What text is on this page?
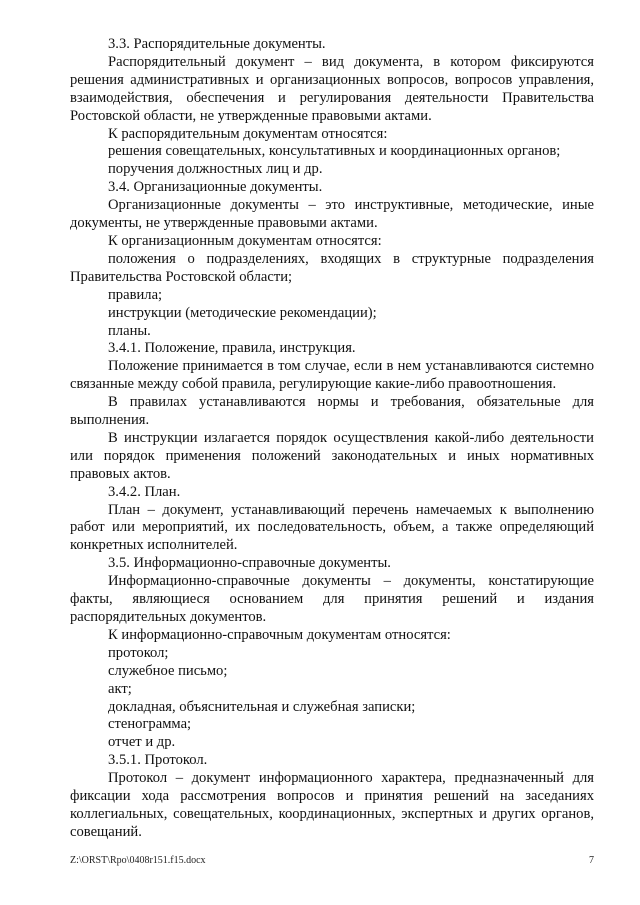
3.3. Распорядительные документы.

Распорядительный документ – вид документа, в котором фиксируются решения административных и организационных вопросов, вопросов управления, взаимодействия, обеспечения и регулирования деятельности Правительства Ростовской области, не утвержденные правовыми актами.

К распорядительным документам относятся:

решения совещательных, консультативных и координационных органов;

поручения должностных лиц и др.

3.4. Организационные документы.

Организационные документы – это инструктивные, методические, иные документы, не утвержденные правовыми актами.

К организационным документам относятся:

положения о подразделениях, входящих в структурные подразделения Правительства Ростовской области;

правила;

инструкции (методические рекомендации);

планы.

3.4.1. Положение, правила, инструкция.

Положение принимается в том случае, если в нем устанавливаются системно связанные между собой правила, регулирующие какие-либо правоотношения.

В правилах устанавливаются нормы и требования, обязательные для выполнения.

В инструкции излагается порядок осуществления какой-либо деятельности или порядок применения положений законодательных и иных нормативных правовых актов.

3.4.2. План.

План – документ, устанавливающий перечень намечаемых к выполнению работ или мероприятий, их последовательность, объем, а также определяющий конкретных исполнителей.

3.5. Информационно-справочные документы.

Информационно-справочные документы – документы, констатирующие факты, являющиеся основанием для принятия решений и издания распорядительных документов.

К информационно-справочным документам относятся:

протокол;

служебное письмо;

акт;

докладная, объяснительная и служебная записки;

стенограмма;

отчет и др.

3.5.1. Протокол.

Протокол – документ информационного характера, предназначенный для фиксации хода рассмотрения вопросов и принятия решений на заседаниях коллегиальных, совещательных, координационных, экспертных и других органов, совещаний.

Z:\ORST\Rpo\0408r151.f15.docx	7
